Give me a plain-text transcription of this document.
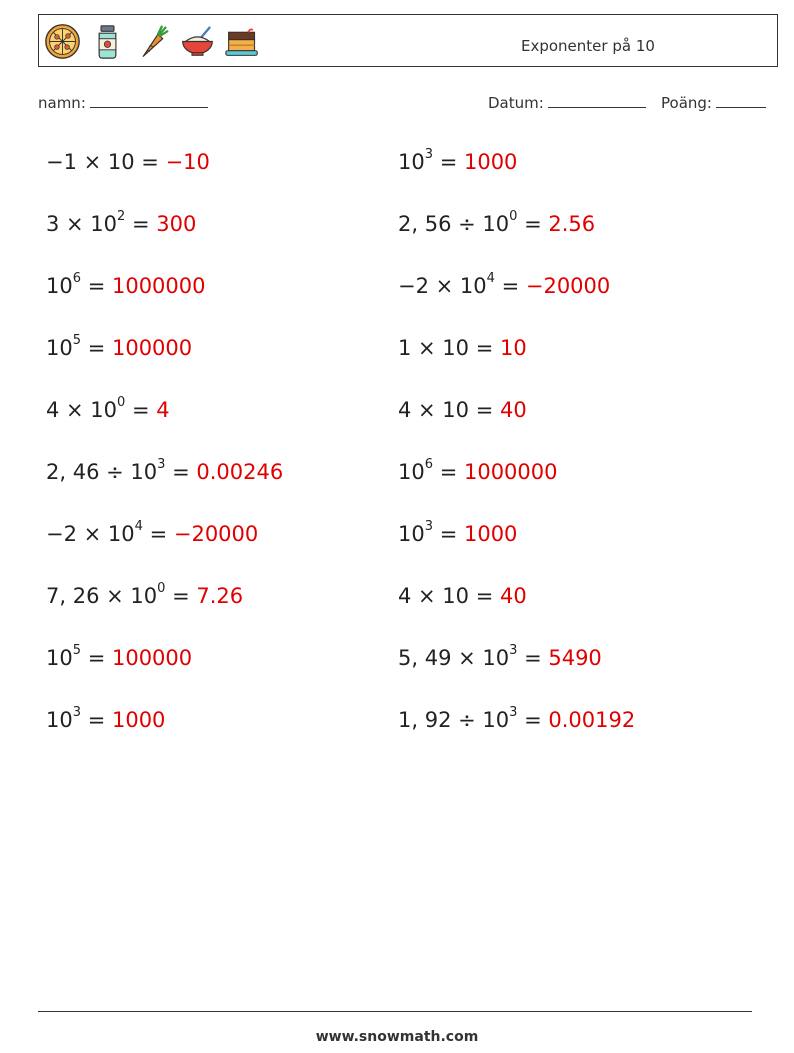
Exponenter på 10
namn:	Datum:	Poäng:
−1 × 10 = −10
$3 \times 10^2 = 300$
$10^6 = 1000000$
$10^5 = 100000$
$4 \times 10^0 = 4$
2, $46 \div 10^3 = 0.00246$
$-2 \times 10^4 = -20000$
7, $26 \times 10^0 = 7.26$
$10^5 = 100000$
$10^3 = 1000$
$10^3 = 1000$
2, $56 \div 10^0 = 2.56$
$-2 \times 10^4 = -20000$
1 × 10 = 10
4 × 10 = 40
$10^6 = 1000000$
$10^3 = 1000$
4 × 10 = 40
5, $49 \times 10^3 = 5490$
1, $92 \div 10^3 = 0.00192$
www.snowmath.com
